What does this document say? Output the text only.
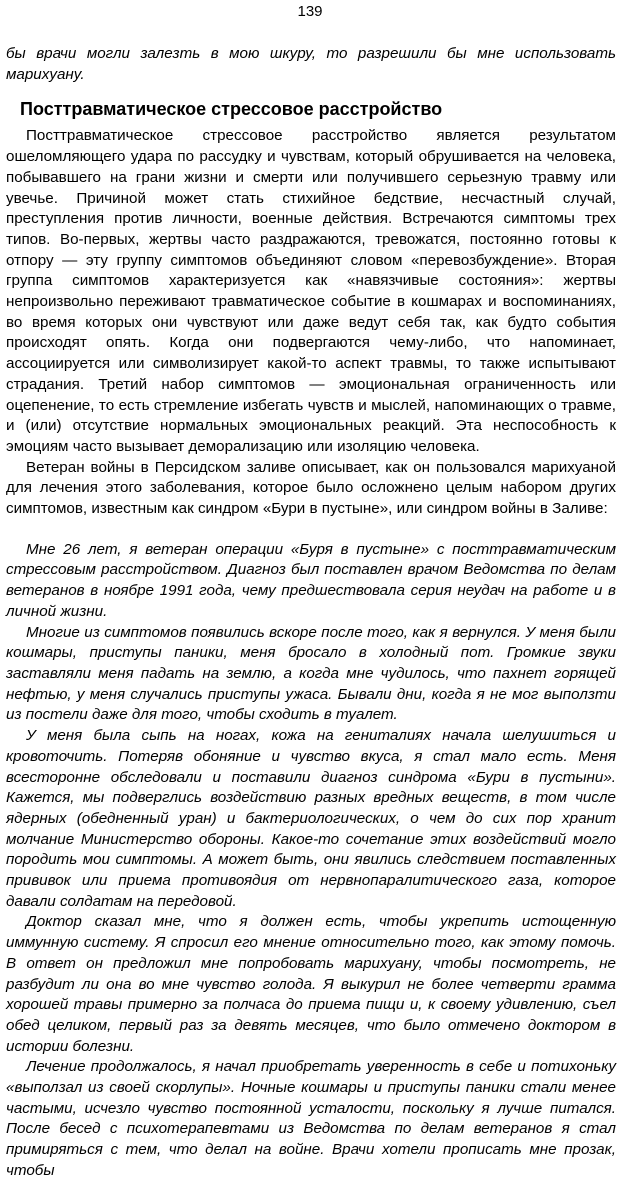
139

бы врачи могли залезть в мою шкуру, то разрешили бы мне использовать марихуану.

Посттравматическое стрессовое расстройство

Посттравматическое стрессовое расстройство является результатом ошеломляющего удара по рассудку и чувствам, который обрушивается на человека, побывавшего на грани жизни и смерти или получившего серьезную травму или увечье. Причиной может стать стихийное бедствие, несчастный случай, преступления против личности, военные действия. Встречаются симптомы трех типов. Во-первых, жертвы часто раздражаются, тревожатся, постоянно готовы к отпору — эту группу симптомов объединяют словом «перевозбуждение». Вторая группа симптомов характеризуется как «навязчивые состояния»: жертвы непроизвольно переживают травматическое событие в кошмарах и воспоминаниях, во время которых они чувствуют или даже ведут себя так, как будто события происходят опять. Когда они подвергаются чему-либо, что напоминает, ассоциируется или символизирует какой-то аспект травмы, то также испытывают страдания. Третий набор симптомов — эмоциональная ограниченность или оцепенение, то есть стремление избегать чувств и мыслей, напоминающих о травме, и (или) отсутствие нормальных эмоциональных реакций. Эта неспособность к эмоциям часто вызывает деморализацию или изоляцию человека.

Ветеран войны в Персидском заливе описывает, как он пользовался марихуаной для лечения этого заболевания, которое было осложнено целым набором других симптомов, известным как синдром «Бури в пустыне», или синдром войны в Заливе:

Мне 26 лет, я ветеран операции «Буря в пустыне» с посттравматическим стрессовым расстройством. Диагноз был поставлен врачом Ведомства по делам ветеранов в ноябре 1991 года, чему предшествовала серия неудач на работе и в личной жизни.

Многие из симптомов появились вскоре после того, как я вернулся. У меня были кошмары, приступы паники, меня бросало в холодный пот. Громкие звуки заставляли меня падать на землю, а когда мне чудилось, что пахнет горящей нефтью, у меня случались приступы ужаса. Бывали дни, когда я не мог выползти из постели даже для того, чтобы сходить в туалет.

У меня была сыпь на ногах, кожа на гениталиях начала шелушиться и кровоточить. Потеряв обоняние и чувство вкуса, я стал мало есть. Меня всесторонне обследовали и поставили диагноз синдрома «Бури в пустыни». Кажется, мы подверглись воздействию разных вредных веществ, в том числе ядерных (обедненный уран) и бактериологических, о чем до сих пор хранит молчание Министерство обороны. Какое-то сочетание этих воздействий могло породить мои симптомы. А может быть, они явились следствием поставленных прививок или приема противоядия от нервнопаралитического газа, которое давали солдатам на передовой.

Доктор сказал мне, что я должен есть, чтобы укрепить истощенную иммунную систему. Я спросил его мнение относительно того, как этому помочь. В ответ он предложил мне попробовать марихуану, чтобы посмотреть, не разбудит ли она во мне чувство голода. Я выкурил не более четверти грамма хорошей травы примерно за полчаса до приема пищи и, к своему удивлению, съел обед целиком, первый раз за девять месяцев, что было отмечено доктором в истории болезни.

Лечение продолжалось, я начал приобретать уверенность в себе и потихоньку «выползал из своей скорлупы». Ночные кошмары и приступы паники стали менее частыми, исчезло чувство постоянной усталости, поскольку я лучше питался. После бесед с психотерапевтами из Ведомства по делам ветеранов я стал примиряться с тем, что делал на войне. Врачи хотели прописать мне прозак, чтобы
